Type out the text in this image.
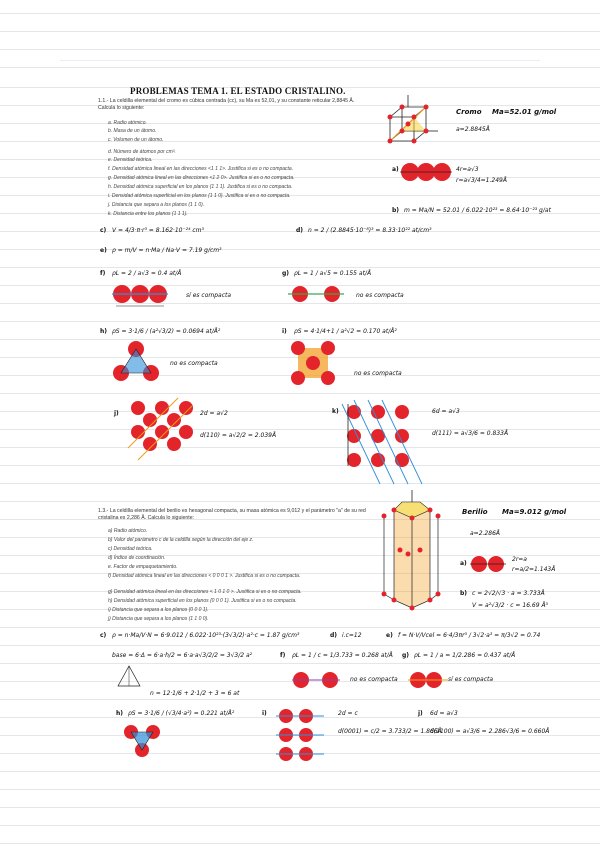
PROBLEMAS TEMA 1. EL ESTADO CRISTALINO.
1.1.- La celdilla elemental del cromo es cúbica centrada (cc), su Ma es 52,01, y su constante reticular 2,8845 Å. Calcula lo siguiente:
a. Radio atómico.
b. Masa de un átomo.
c. Volumen de un átomo.
d. Número de átomos por cm³.
e. Densidad teórica.
f. Densidad atómica lineal en las direcciones <1 1 1>. Justifica si es o no compacta.
g. Densidad atómica lineal en las direcciones <1 2 0>. Justifica si es o no compacta.
h. Densidad atómica superficial en los planos {1 1 1}. Justifica si es o no compacta.
i. Densidad atómica superficial en los planos {1 1 0}. Justifica si es o no compacta.
j. Distancia que separa a los planos (1 1 0).
k. Distancia entre los planos (1 1 1).
Cromo Ma=52.01 g/mol
a=2.8845Å
a)	4r=a√3
r=a√3/4=1.249Å
b) m = Ma/N = 52.01 / 6.022·10²³ = 8.64·10⁻²³ g/at
c) V = 4/3·π·r³ = 8.162·10⁻²⁴ cm³	d) n = 2 / (2.8845·10⁻⁸)³ = 8.33·10²² at/cm³
e) ρ = m/V = n·Ma / Na·V = 7.19 g/cm³
f) ρL = 2 / a√3 = 0.4 at/Å
sí es compacta
g) ρL = 1 / a√5 = 0.155 at/Å
no es compacta
h) ρS = 3·1/6 / (a²√3/2) = 0.0694 at/Å²
no es compacta
i) ρS = 4·1/4+1 / a²√2 = 0.170 at/Å²
no es compacta
j)	2d = a√2
d(110) = a√2/2 = 2.039Å
k)	6d = a√3
d(111) = a√3/6 = 0.833Å
1.3.- La celdilla elemental del berilio es hexagonal compacta, su masa atómica es 9,012 y el parámetro "a" de su red cristalina es 2,286 Å. Calcula lo siguiente:
a) Radio atómico.
b) Valor del parámetro c de la celdilla según la dirección del eje z.
c) Densidad teórica.
d) Índice de coordinación.
e. Factor de empaquetamiento.
f) Densidad atómica lineal en las direcciones < 0 0 0 1 >. Justifica si es o no compacta.
g) Densidad atómica lineal en las direcciones < 1 0 1 0 >. Justifica si es o no compacta.
h) Densidad atómica superficial en los planos {0 0 0 1}. Justifica si es o no compacta.
i) Distancia que separa a los planos {0 0 0 1}.
j) Distancia que separa a los planos (1 1 0 0).
Berilio Ma=9.012 g/mol
a=2.286Å
a)
2r=a
r=a/2=1.143Å
b) c = 2√2/√3 · a = 3.733Å
V = a²√3/2 · c = 16.69 Å³
c) ρ = n·Ma/V·N = 6·9.012 / 6.022·10²³·(3√3/2)·a²·c = 1.87 g/cm³	d) i.c=12	e) f = N·V/Vcel = 6·4/3πr³ / 3√2·a³ = π/3√2 = 0.74
base = 6·Δ = 6·a·h/2 = 6·a·a√3/2/2 = 3√3/2 a²
n = 12·1/6 + 2·1/2 + 3 = 6 at
f) ρL = 1 / c = 1/3.733 = 0.268 at/Å
no es compacta
g) ρL = 1 / a = 1/2.286 = 0.437 at/Å
sí es compacta
h) ρS = 3·1/6 / (√3/4·a²) = 0.221 at/Å²	i)	2d = c
d(0001) = c/2 = 3.733/2 = 1.866Å
j) 6d = a√3
d(1100) = a√3/6 = 2.286√3/6 = 0.660Å
